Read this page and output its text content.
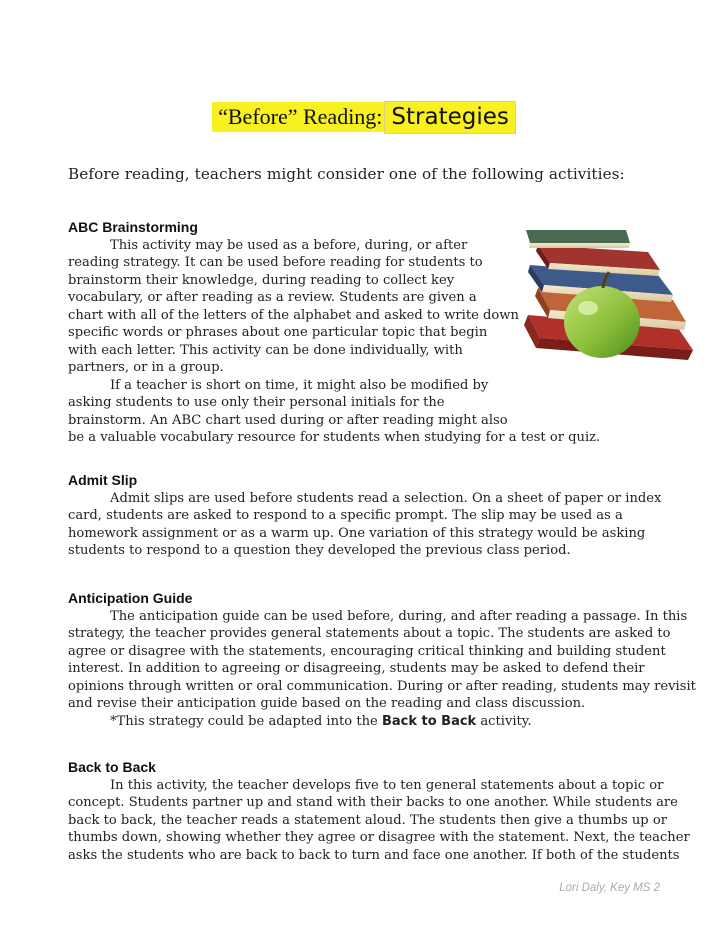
“Before” Reading: Strategies
Before reading, teachers might consider one of the following activities:
ABC Brainstorming
This activity may be used as a before, during, or after
reading strategy. It can be used before reading for students to
brainstorm their knowledge, during reading to collect key
vocabulary, or after reading as a review. Students are given a
chart with all of the letters of the alphabet and asked to write down
specific words or phrases about one particular topic that begin
with each letter. This activity can be done individually, with
partners, or in a group.
If a teacher is short on time, it might also be modified by
asking students to use only their personal initials for the
brainstorm. An ABC chart used during or after reading might also
be a valuable vocabulary resource for students when studying for a test or quiz.
Admit Slip
Admit slips are used before students read a selection. On a sheet of paper or index
card, students are asked to respond to a specific prompt. The slip may be used as a
homework assignment or as a warm up. One variation of this strategy would be asking
students to respond to a question they developed the previous class period.
Anticipation Guide
The anticipation guide can be used before, during, and after reading a passage. In this
strategy, the teacher provides general statements about a topic. The students are asked to
agree or disagree with the statements, encouraging critical thinking and building student
interest. In addition to agreeing or disagreeing, students may be asked to defend their
opinions through written or oral communication. During or after reading, students may revisit
and revise their anticipation guide based on the reading and class discussion.
*This strategy could be adapted into the Back to Back activity.
Back to Back
In this activity, the teacher develops five to ten general statements about a topic or
concept. Students partner up and stand with their backs to one another. While students are
back to back, the teacher reads a statement aloud. The students then give a thumbs up or
thumbs down, showing whether they agree or disagree with the statement. Next, the teacher
asks the students who are back to back to turn and face one another. If both of the students
Lori Daly, Key MS 2
